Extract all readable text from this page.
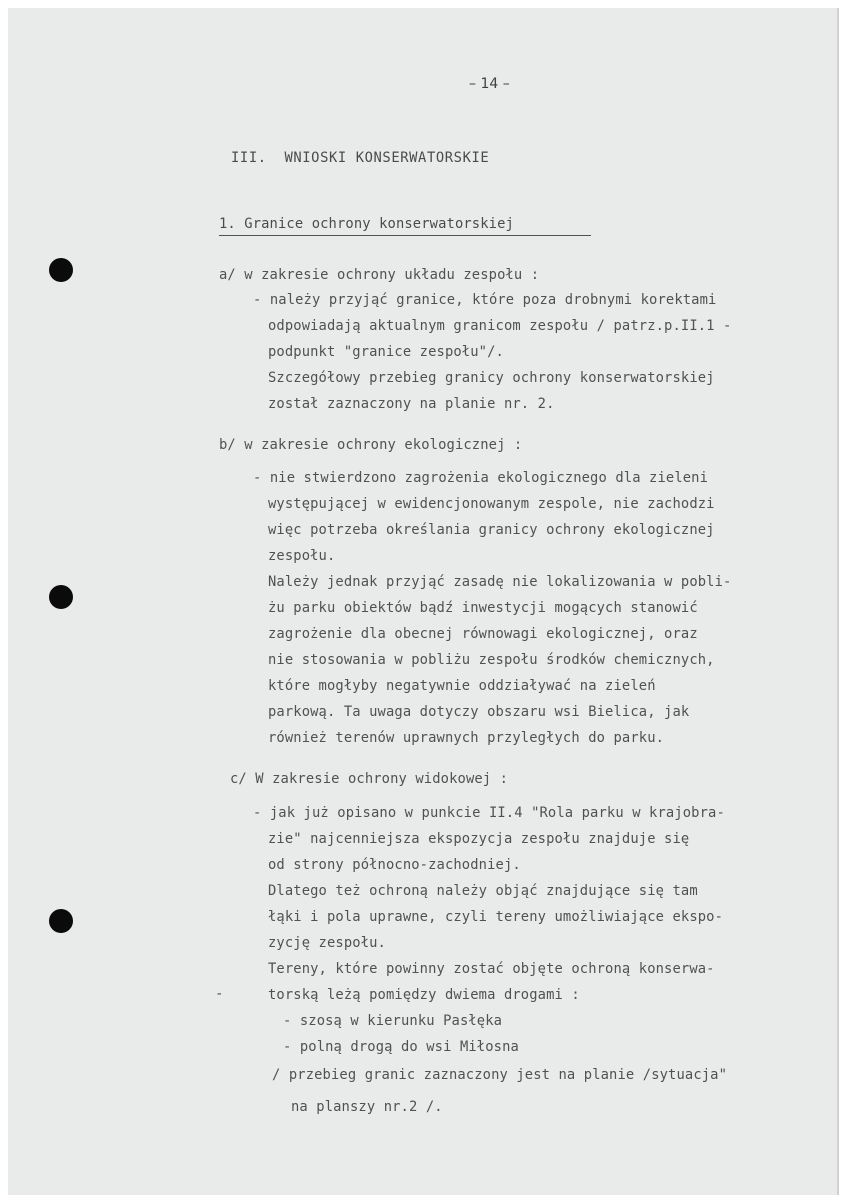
– 14 –

III.  WNIOSKI KONSERWATORSKIE

1. Granice ochrony konserwatorskiej

a/ w zakresie ochrony układu zespołu :

- należy przyjąć granice, które poza drobnymi korektami

odpowiadają aktualnym granicom zespołu / patrz.p.II.1 -

podpunkt "granice zespołu"/.

Szczegółowy przebieg granicy ochrony konserwatorskiej

został zaznaczony na planie nr. 2.

b/ w zakresie ochrony ekologicznej :

- nie stwierdzono zagrożenia ekologicznego dla zieleni

występującej w ewidencjonowanym zespole, nie zachodzi

więc potrzeba określania granicy ochrony ekologicznej

zespołu.

Należy jednak przyjąć zasadę nie lokalizowania w pobli-

żu parku obiektów bądź inwestycji mogących stanowić

zagrożenie dla obecnej równowagi ekologicznej, oraz

nie stosowania w pobliżu zespołu środków chemicznych,

które mogłyby negatywnie oddziaływać na zieleń

parkową. Ta uwaga dotyczy obszaru wsi Bielica, jak

również terenów uprawnych przyległych do parku.

c/ W zakresie ochrony widokowej :

- jak już opisano w punkcie II.4 "Rola parku w krajobra-

zie" najcenniejsza ekspozycja zespołu znajduje się

od strony północno-zachodniej.

Dlatego też ochroną należy objąć znajdujące się tam

łąki i pola uprawne, czyli tereny umożliwiające ekspo-

zycję zespołu.

Tereny, które powinny zostać objęte ochroną konserwa-

-	torską leżą pomiędzy dwiema drogami :

- szosą w kierunku Pasłęka

- polną drogą do wsi Miłosna

/ przebieg granic zaznaczony jest na planie /sytuacja"

na planszy nr.2 /.
